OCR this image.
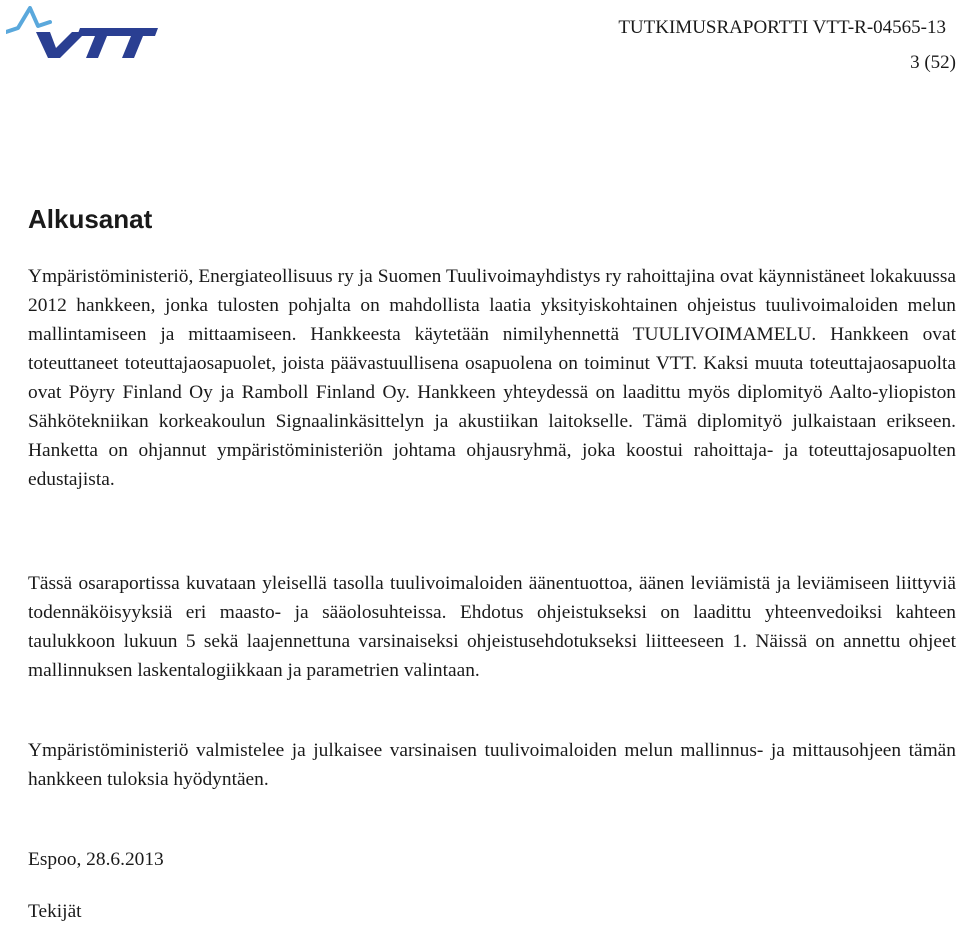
TUTKIMUSRAPORTTI VTT-R-04565-13
3 (52)
Alkusanat

Ympäristöministeriö, Energiateollisuus ry ja Suomen Tuulivoimayhdistys ry rahoittajina ovat käynnistäneet lokakuussa 2012 hankkeen, jonka tulosten pohjalta on mahdollista laatia yksityiskohtainen ohjeistus tuulivoimaloiden melun mallintamiseen ja mittaamiseen. Hankkeesta käytetään nimilyhennettä TUULIVOIMAMELU. Hankkeen ovat toteuttaneet toteuttajaosapuolet, joista päävastuullisena osapuolena on toiminut VTT. Kaksi muuta toteuttajaosapuolta ovat Pöyry Finland Oy ja Ramboll Finland Oy. Hankkeen yhteydessä on laadittu myös diplomityö Aalto-yliopiston Sähkötekniikan korkeakoulun Signaalinkäsittelyn ja akustiikan laitokselle. Tämä diplomityö julkaistaan erikseen. Hanketta on ohjannut ympäristöministeriön johtama ohjausryhmä, joka koostui rahoittaja- ja toteuttajosapuolten edustajista.

Tässä osaraportissa kuvataan yleisellä tasolla tuulivoimaloiden äänentuottoa, äänen leviämistä ja leviämiseen liittyviä todennäköisyyksiä eri maasto- ja sääolosuhteissa. Ehdotus ohjeistukseksi on laadittu yhteenvedoiksi kahteen taulukkoon lukuun 5 sekä laajennettuna varsinaiseksi ohjeistusehdotukseksi liitteeseen 1. Näissä on annettu ohjeet mallinnuksen laskentalogiikkaan ja parametrien valintaan.

Ympäristöministeriö valmistelee ja julkaisee varsinaisen tuulivoimaloiden melun mallinnus- ja mittausohjeen tämän hankkeen tuloksia hyödyntäen.

Espoo, 28.6.2013
Tekijät
